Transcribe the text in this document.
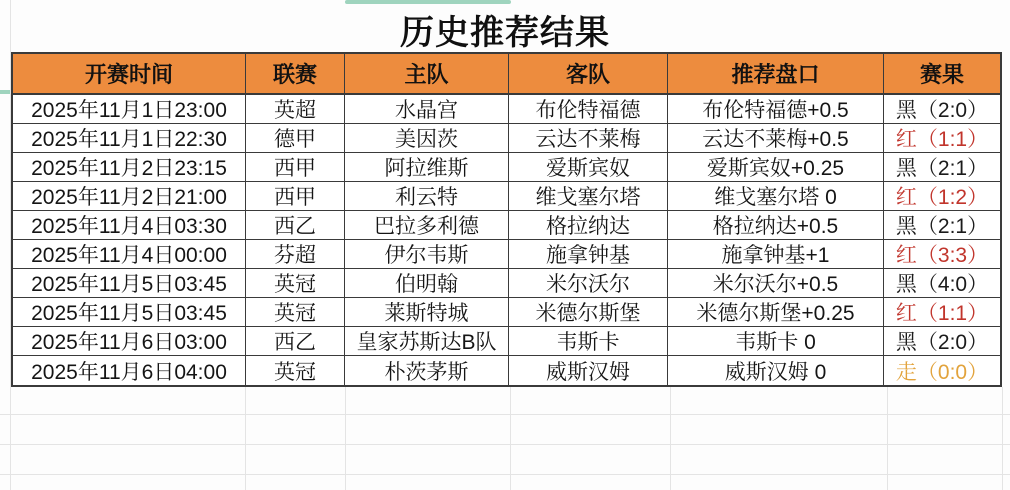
历史推荐结果
开赛时间	联赛	主队	客队	推荐盘口	赛果
2025年11月1日23:00	英超	水晶宫	布伦特福德	布伦特福德+0.5	黑（2:0）
2025年11月1日22:30	德甲	美因茨	云达不莱梅	云达不莱梅+0.5	红（1:1）
2025年11月2日23:15	西甲	阿拉维斯	爱斯宾奴	爱斯宾奴+0.25	黑（2:1）
2025年11月2日21:00	西甲	利云特	维戈塞尔塔	维戈塞尔塔 0	红（1:2）
2025年11月4日03:30	西乙	巴拉多利德	格拉纳达	格拉纳达+0.5	黑（2:1）
2025年11月4日00:00	芬超	伊尔韦斯	施拿钟基	施拿钟基+1	红（3:3）
2025年11月5日03:45	英冠	伯明翰	米尔沃尔	米尔沃尔+0.5	黑（4:0）
2025年11月5日03:45	英冠	莱斯特城	米德尔斯堡	米德尔斯堡+0.25	红（1:1）
2025年11月6日03:00	西乙	皇家苏斯达B队	韦斯卡	韦斯卡 0	黑（2:0）
2025年11月6日04:00	英冠	朴茨茅斯	威斯汉姆	威斯汉姆 0	走（0:0）
